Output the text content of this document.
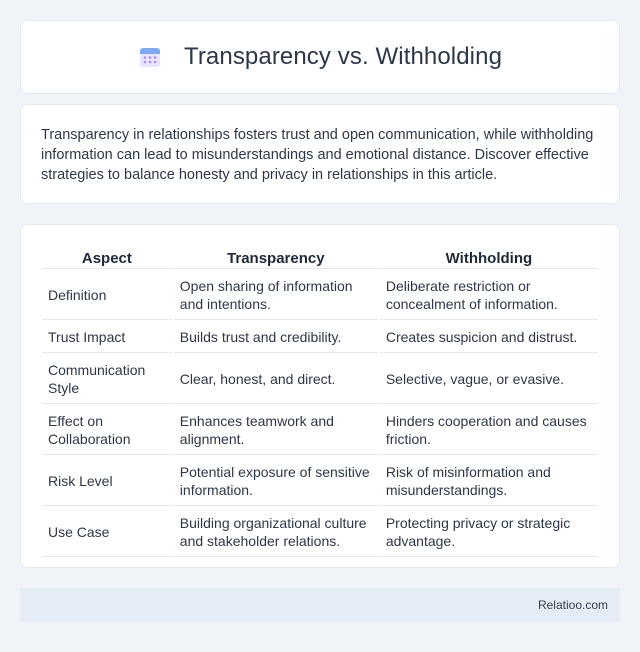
Transparency vs. Withholding

Transparency in relationships fosters trust and open communication, while withholding information can lead to misunderstandings and emotional distance. Discover effective strategies to balance honesty and privacy in relationships in this article.

Aspect	Transparency	Withholding
Definition	Open sharing of information and intentions.	Deliberate restriction or concealment of information.
Trust Impact	Builds trust and credibility.	Creates suspicion and distrust.
Communication Style	Clear, honest, and direct.	Selective, vague, or evasive.
Effect on Collaboration	Enhances teamwork and alignment.	Hinders cooperation and causes friction.
Risk Level	Potential exposure of sensitive information.	Risk of misinformation and misunderstandings.
Use Case	Building organizational culture and stakeholder relations.	Protecting privacy or strategic advantage.
Relatioo.com
